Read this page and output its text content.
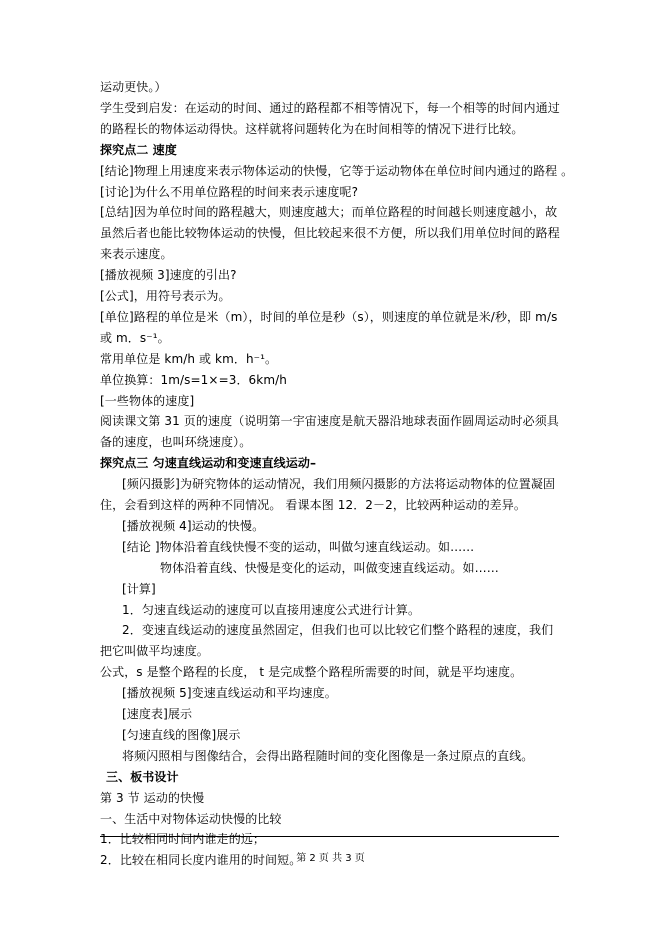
运动更快。）
学生受到启发：在运动的时间、通过的路程都不相等情况下，每一个相等的时间内通过
的路程长的物体运动得快。这样就将问题转化为在时间相等的情况下进行比较。
探究点二 速度
[结论]物理上用速度来表示物体运动的快慢，它等于运动物体在单位时间内通过的路程 。
[讨论]为什么不用单位路程的时间来表示速度呢?
[总结]因为单位时间的路程越大，则速度越大；而单位路程的时间越长则速度越小，故
虽然后者也能比较物体运动的快慢，但比较起来很不方便，所以我们用单位时间的路程
来表示速度。
[播放视频 3]速度的引出?
[公式]，用符号表示为。
[单位]路程的单位是米（m），时间的单位是秒（s），则速度的单位就是米/秒，即 m/s
或 m．s⁻¹。
常用单位是 km/h 或 km．h⁻¹。
单位换算：1m/s=1×=3．6km/h
[一些物体的速度]
阅读课文第 31 页的速度（说明第一宇宙速度是航天器沿地球表面作圆周运动时必须具
备的速度，也叫环绕速度）。
探究点三 匀速直线运动和变速直线运动–
[频闪摄影]为研究物体的运动情况，我们用频闪摄影的方法将运动物体的位置凝固
住，会看到这样的两种不同情况。 看课本图 12．2－2，比较两种运动的差异。
[播放视频 4]运动的快慢。
[结论 ]物体沿着直线快慢不变的运动，叫做匀速直线运动。如……
物体沿着直线、快慢是变化的运动，叫做变速直线运动。如……
[计算]
1．匀速直线运动的速度可以直接用速度公式进行计算。
2．变速直线运动的速度虽然固定，但我们也可以比较它们整个路程的速度，我们
把它叫做平均速度。
公式，s 是整个路程的长度， t 是完成整个路程所需要的时间，就是平均速度。
[播放视频 5]变速直线运动和平均速度。
[速度表]展示
[匀速直线的图像]展示
将频闪照相与图像结合，会得出路程随时间的变化图像是一条过原点的直线。
三、板书设计
第 3 节 运动的快慢
一、生活中对物体运动快慢的比较
1．比较相同时间内谁走的远；
2．比较在相同长度内谁用的时间短。
第 2 页 共 3 页
